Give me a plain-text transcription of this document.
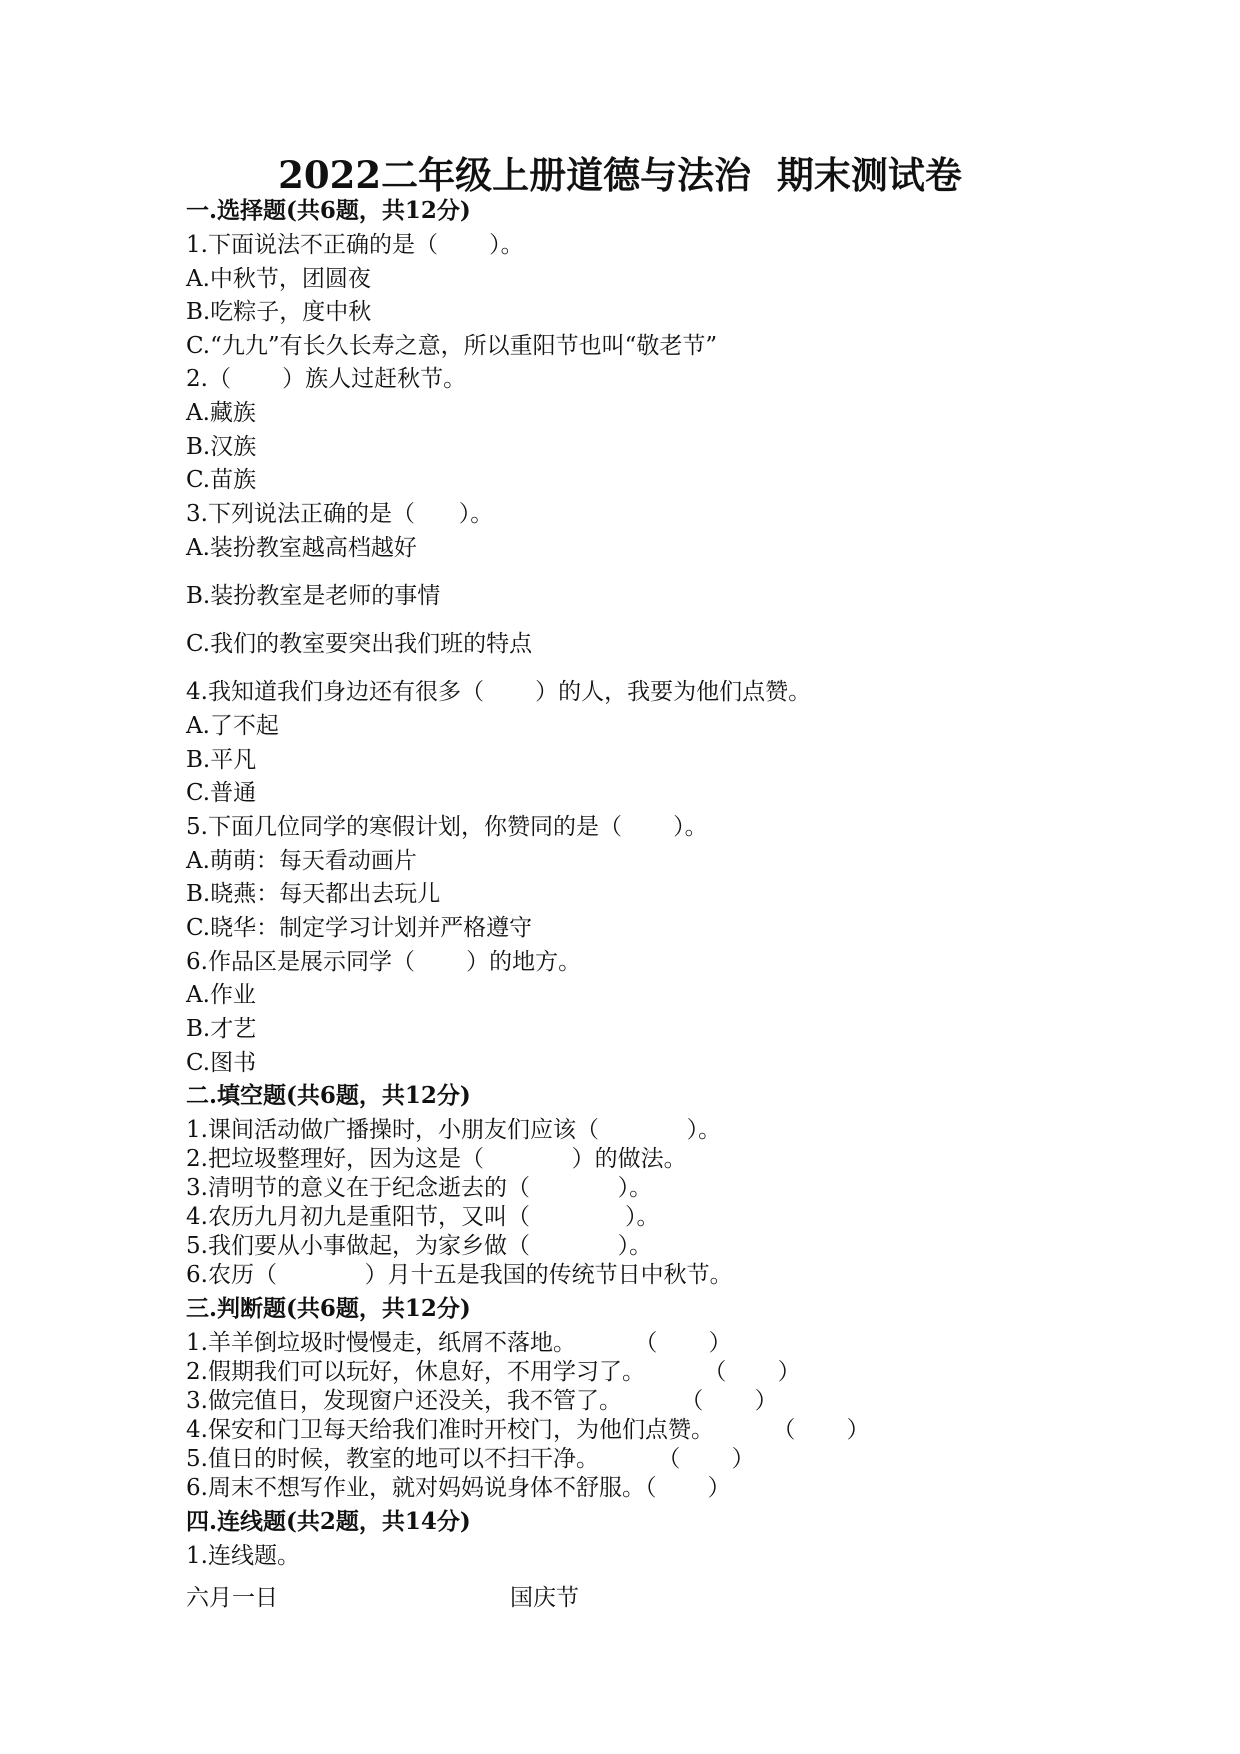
2022二年级上册道德与法治  期末测试卷
一.选择题(共6题，共12分)
1.下面说法不正确的是（       ）。
A.中秋节，团圆夜
B.吃粽子，度中秋
C.“九九”有长久长寿之意，所以重阳节也叫“敬老节”
2.（       ）族人过赶秋节。
A.藏族
B.汉族
C.苗族
3.下列说法正确的是（      ）。
A.装扮教室越高档越好
B.装扮教室是老师的事情
C.我们的教室要突出我们班的特点
4.我知道我们身边还有很多（       ）的人，我要为他们点赞。
A.了不起
B.平凡
C.普通
5.下面几位同学的寒假计划，你赞同的是（       ）。
A.萌萌：每天看动画片
B.晓燕：每天都出去玩儿
C.晓华：制定学习计划并严格遵守
6.作品区是展示同学（       ）的地方。
A.作业
B.才艺
C.图书
二.填空题(共6题，共12分)
1.课间活动做广播操时，小朋友们应该（            ）。
2.把垃圾整理好，因为这是（            ）的做法。
3.清明节的意义在于纪念逝去的（            ）。
4.农历九月初九是重阳节，又叫（             ）。
5.我们要从小事做起，为家乡做（            ）。
6.农历（            ）月十五是我国的传统节日中秋节。
三.判断题(共6题，共12分)
1.羊羊倒垃圾时慢慢走，纸屑不落地。        （       ）
2.假期我们可以玩好，休息好，不用学习了。        （       ）
3.做完值日，发现窗户还没关，我不管了。        （       ）
4.保安和门卫每天给我们准时开校门，为他们点赞。        （       ）
5.值日的时候，教室的地可以不扫干净。        （       ）
6.周末不想写作业，就对妈妈说身体不舒服。（       ）
四.连线题(共2题，共14分)
1.连线题。
六月一日	国庆节
